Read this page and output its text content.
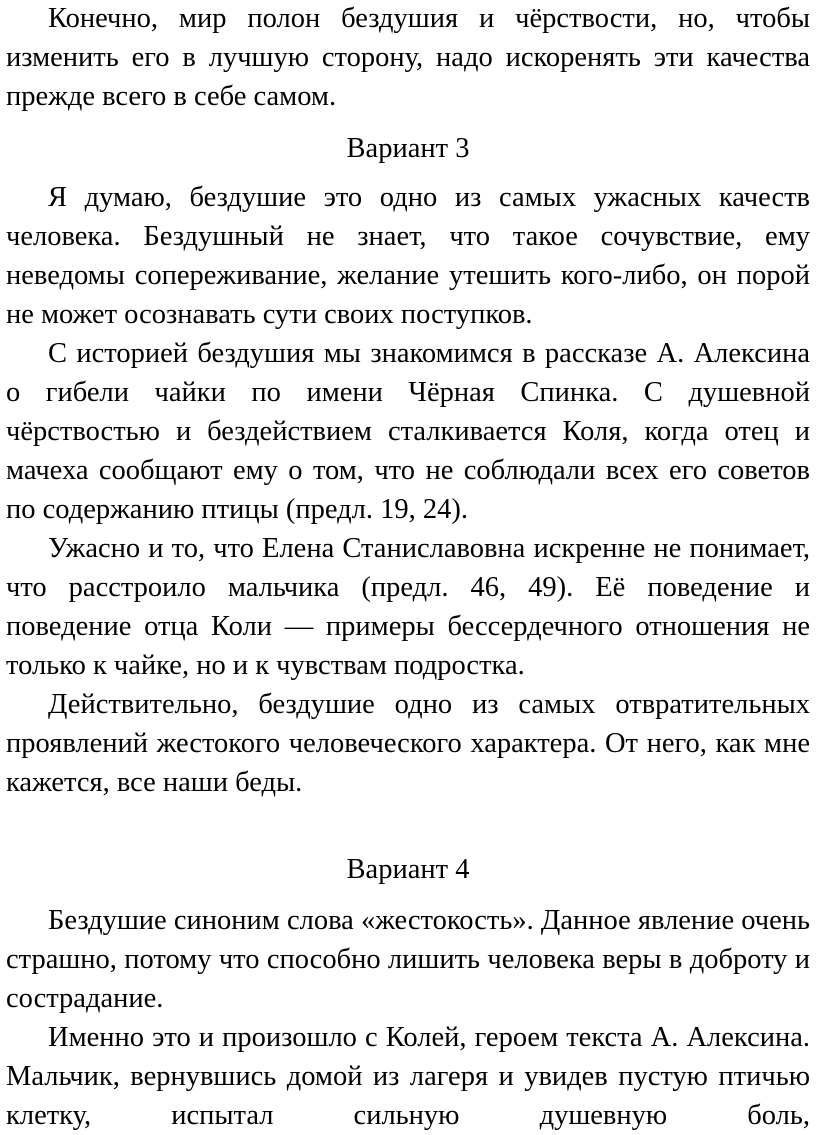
Конечно, мир полон бездушия и чёрствости, но, чтобы изменить его в лучшую сторону, надо искоренять эти качества прежде всего в себе самом.

Вариант 3

Я думаю, бездушие это одно из самых ужасных качеств человека. Бездушный не знает, что такое сочувствие, ему неведомы сопереживание, желание утешить кого-либо, он порой не может осознавать сути своих поступков.

С историей бездушия мы знакомимся в рассказе А. Алексина о гибели чайки по имени Чёрная Спинка. С душевной чёрствостью и бездействием сталкивается Коля, когда отец и мачеха сообщают ему о том, что не соблюдали всех его советов по содержанию птицы (предл. 19, 24).

Ужасно и то, что Елена Станиславовна искренне не понимает, что расстроило мальчика (предл. 46, 49). Её поведение и поведение отца Коли — примеры бессердечного отношения не только к чайке, но и к чувствам подростка.

Действительно, бездушие одно из самых отвратительных проявлений жестокого человеческого характера. От него, как мне кажется, все наши беды.

Вариант 4

Бездушие синоним слова «жестокость». Данное явление очень страшно, потому что способно лишить человека веры в доброту и сострадание.

Именно это и произошло с Колей, героем текста А. Алексина. Мальчик, вернувшись домой из лагеря и увидев пустую птичью клетку, испытал сильную душевную боль,
